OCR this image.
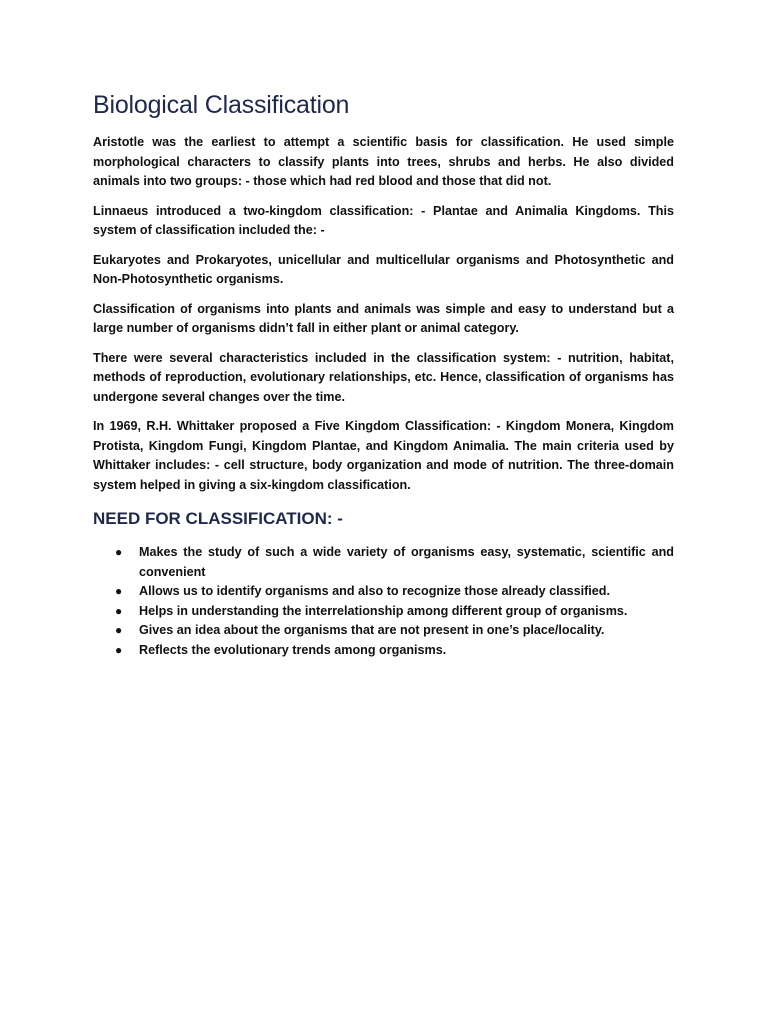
Biological Classification

Aristotle was the earliest to attempt a scientific basis for classification. He used simple morphological characters to classify plants into trees, shrubs and herbs. He also divided animals into two groups: - those which had red blood and those that did not.

Linnaeus introduced a two-kingdom classification: - Plantae and Animalia Kingdoms. This system of classification included the: -

Eukaryotes and Prokaryotes, unicellular and multicellular organisms and Photosynthetic and Non-Photosynthetic organisms.

Classification of organisms into plants and animals was simple and easy to understand but a large number of organisms didn’t fall in either plant or animal category.

There were several characteristics included in the classification system: - nutrition, habitat, methods of reproduction, evolutionary relationships, etc. Hence, classification of organisms has undergone several changes over the time.

In 1969, R.H. Whittaker proposed a Five Kingdom Classification: - Kingdom Monera, Kingdom Protista, Kingdom Fungi, Kingdom Plantae, and Kingdom Animalia. The main criteria used by Whittaker includes: - cell structure, body organization and mode of nutrition. The three-domain system helped in giving a six-kingdom classification.

NEED FOR CLASSIFICATION: -
● Makes the study of such a wide variety of organisms easy, systematic, scientific and convenient
● Allows us to identify organisms and also to recognize those already classified.
● Helps in understanding the interrelationship among different group of organisms.
● Gives an idea about the organisms that are not present in one’s place/locality.
● Reflects the evolutionary trends among organisms.
